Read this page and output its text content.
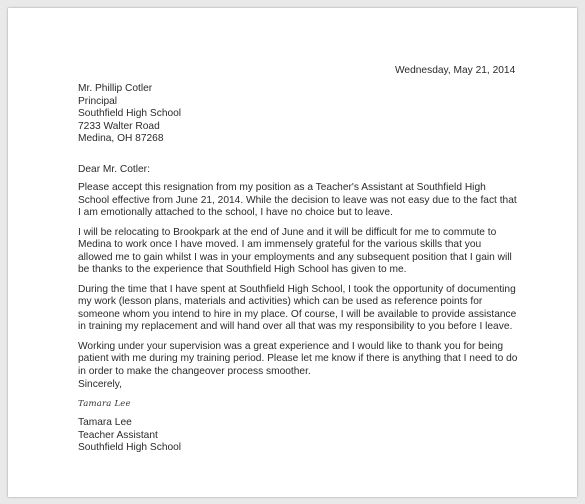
Wednesday, May 21, 2014
Mr. Phillip Cotler
Principal
Southfield High School
7233 Walter Road
Medina, OH 87268
Dear Mr. Cotler:

Please accept this resignation from my position as a Teacher's Assistant at Southfield High School effective from June 21, 2014. While the decision to leave was not easy due to the fact that I am emotionally attached to the school, I have no choice but to leave.

I will be relocating to Brookpark at the end of June and it will be difficult for me to commute to Medina to work once I have moved. I am immensely grateful for the various skills that you allowed me to gain whilst I was in your employments and any subsequent position that I gain will be thanks to the experience that Southfield High School has given to me.

During the time that I have spent at Southfield High School, I took the opportunity of documenting my work (lesson plans, materials and activities) which can be used as reference points for someone whom you intend to hire in my place. Of course, I will be available to provide assistance in training my replacement and will hand over all that was my responsibility to you before I leave.

Working under your supervision was a great experience and I would like to thank you for being patient with me during my training period. Please let me know if there is anything that I need to do in order to make the changeover process smoother.

Sincerely,
Tamara Lee
Tamara Lee
Teacher Assistant
Southfield High School
